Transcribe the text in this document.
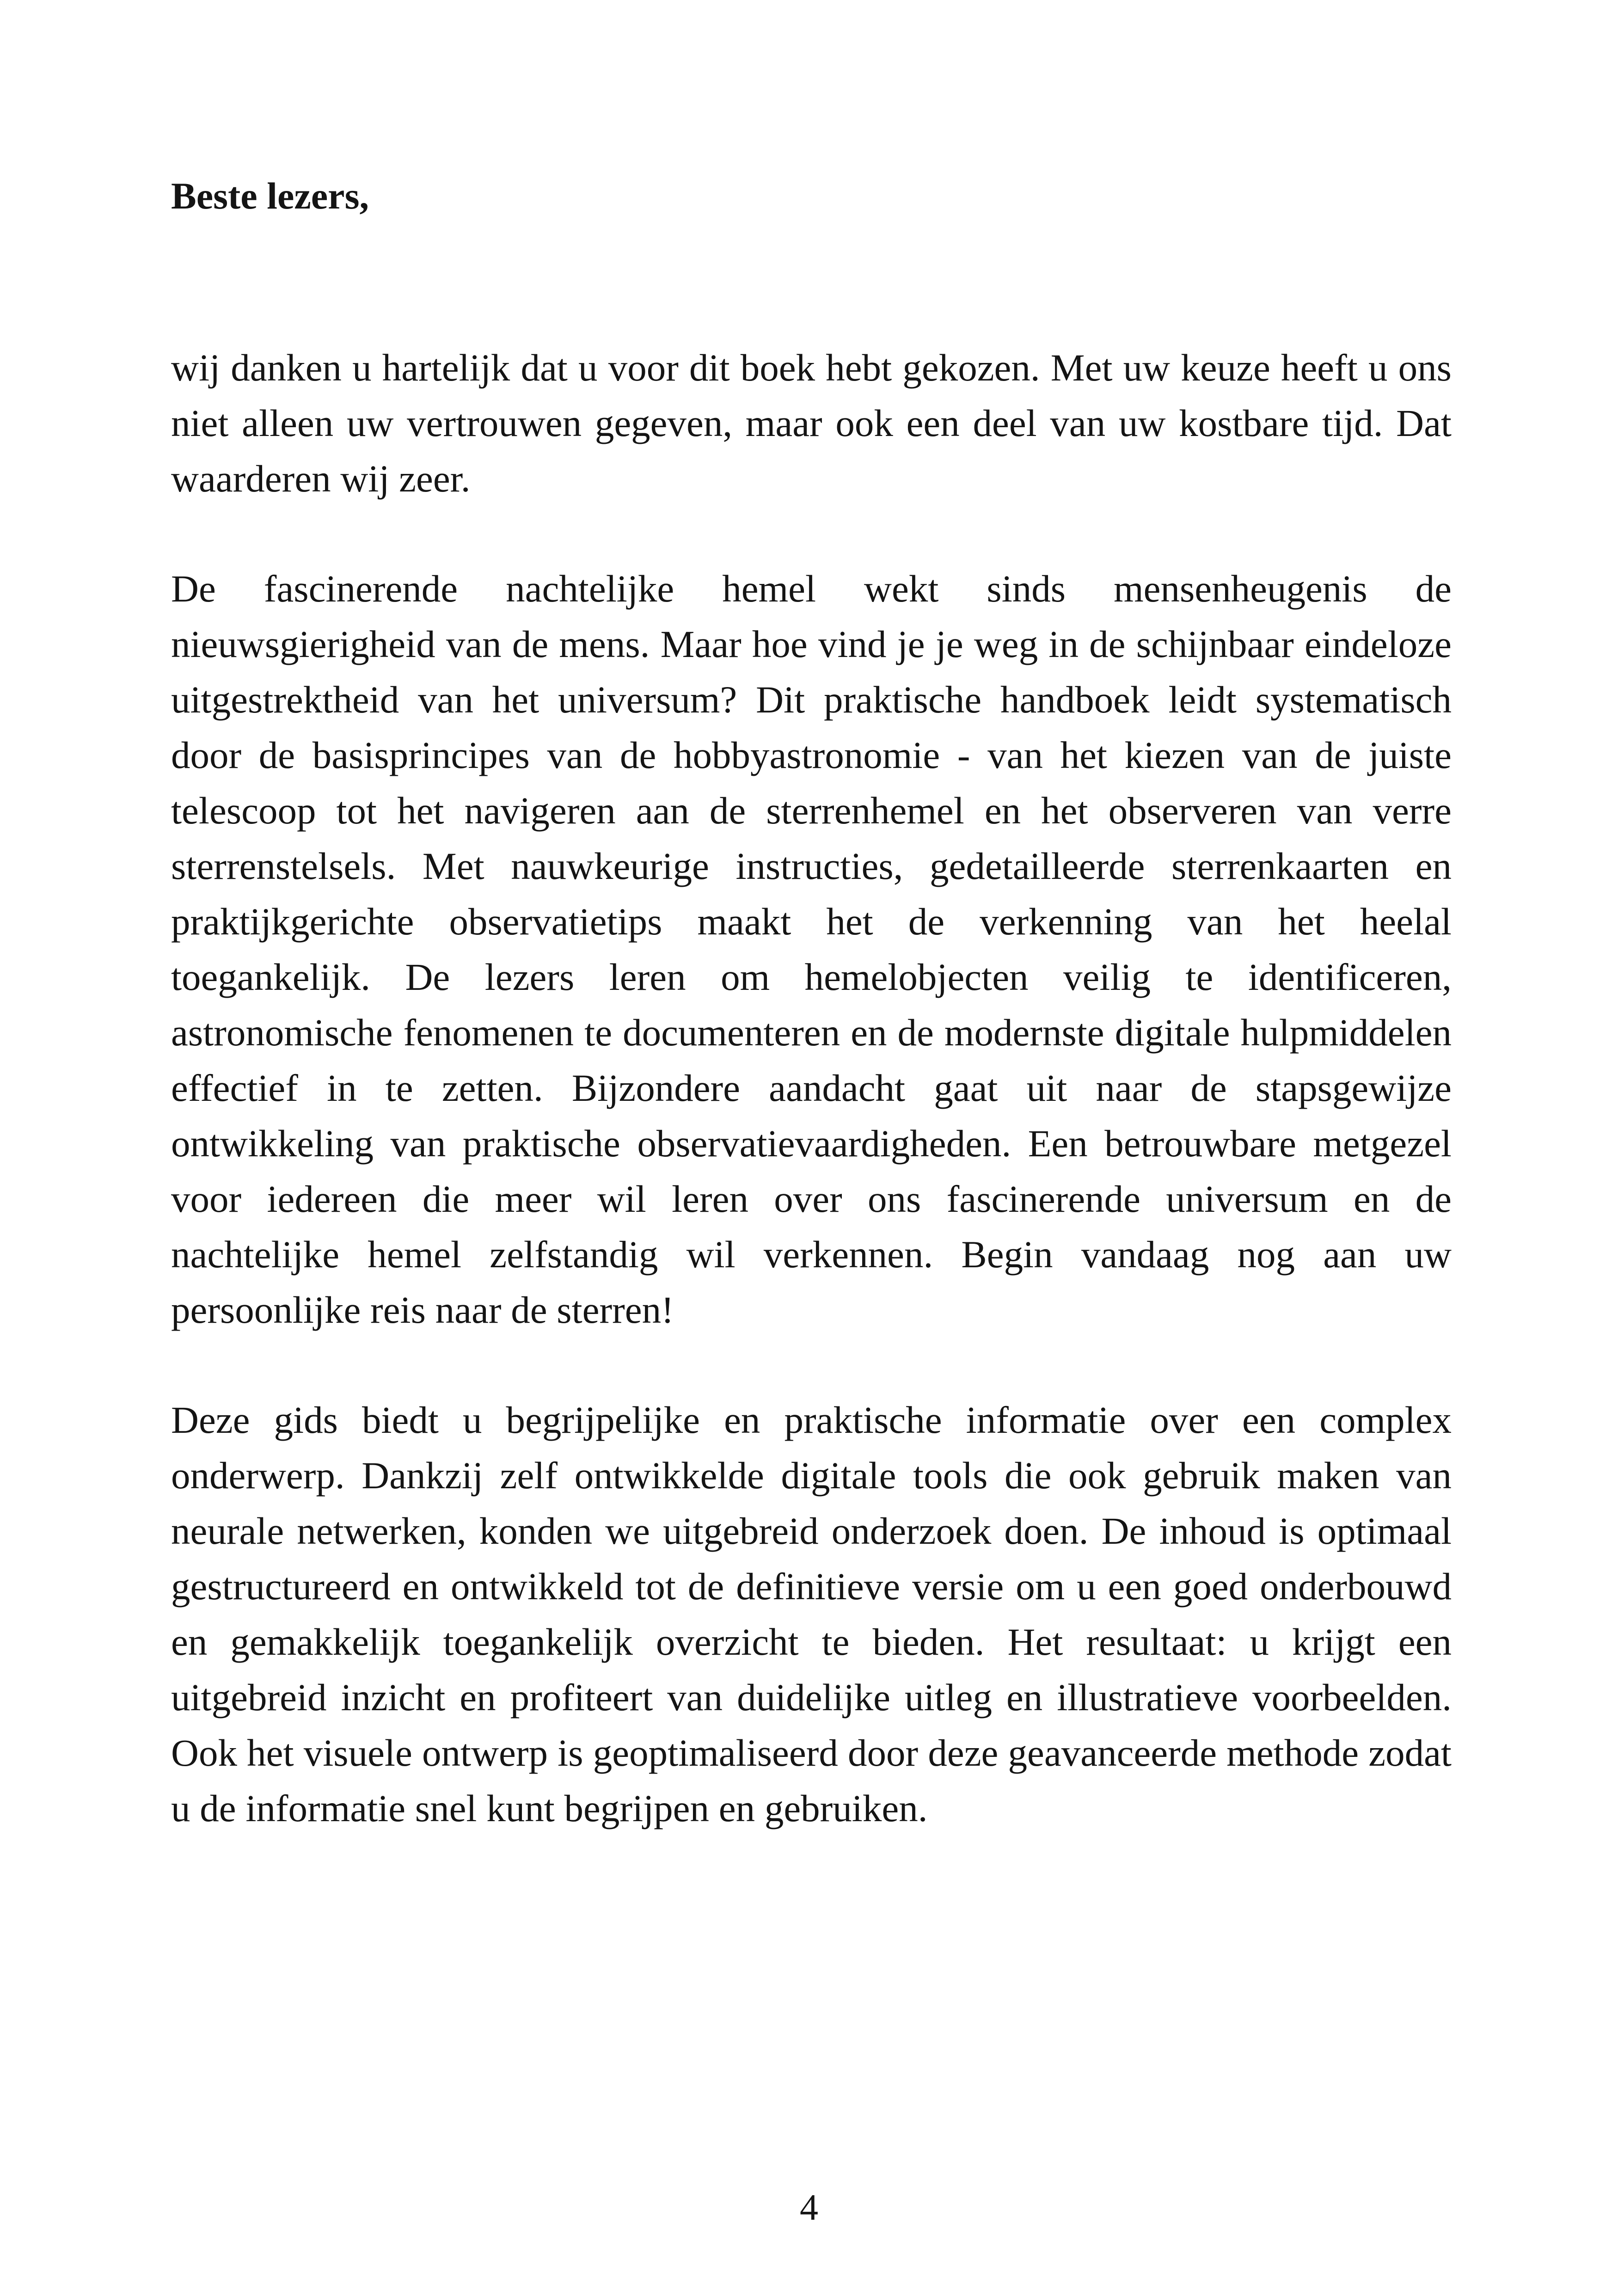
Beste lezers,

wij danken u hartelijk dat u voor dit boek hebt gekozen. Met uw keuze heeft u ons niet alleen uw vertrouwen gegeven, maar ook een deel van uw kostbare tijd. Dat waarderen wij zeer.

De fascinerende nachtelijke hemel wekt sinds mensenheugenis de nieuwsgierigheid van de mens. Maar hoe vind je je weg in de schijnbaar eindeloze uitgestrektheid van het universum? Dit praktische handboek leidt systematisch door de basisprincipes van de hobbyastronomie - van het kiezen van de juiste telescoop tot het navigeren aan de sterrenhemel en het observeren van verre sterrenstelsels. Met nauwkeurige instructies, gedetailleerde sterrenkaarten en praktijkgerichte observatietips maakt het de verkenning van het heelal toegankelijk. De lezers leren om hemelobjecten veilig te identificeren, astronomische fenomenen te documenteren en de modernste digitale hulpmiddelen effectief in te zetten. Bijzondere aandacht gaat uit naar de stapsgewijze ontwikkeling van praktische observatievaardigheden. Een betrouwbare metgezel voor iedereen die meer wil leren over ons fascinerende universum en de nachtelijke hemel zelfstandig wil verkennen. Begin vandaag nog aan uw persoonlijke reis naar de sterren!

Deze gids biedt u begrijpelijke en praktische informatie over een complex onderwerp. Dankzij zelf ontwikkelde digitale tools die ook gebruik maken van neurale netwerken, konden we uitgebreid onderzoek doen. De inhoud is optimaal gestructureerd en ontwikkeld tot de definitieve versie om u een goed onderbouwd en gemakkelijk toegankelijk overzicht te bieden. Het resultaat: u krijgt een uitgebreid inzicht en profiteert van duidelijke uitleg en illustratieve voorbeelden. Ook het visuele ontwerp is geoptimaliseerd door deze geavanceerde methode zodat u de informatie snel kunt begrijpen en gebruiken.

4
